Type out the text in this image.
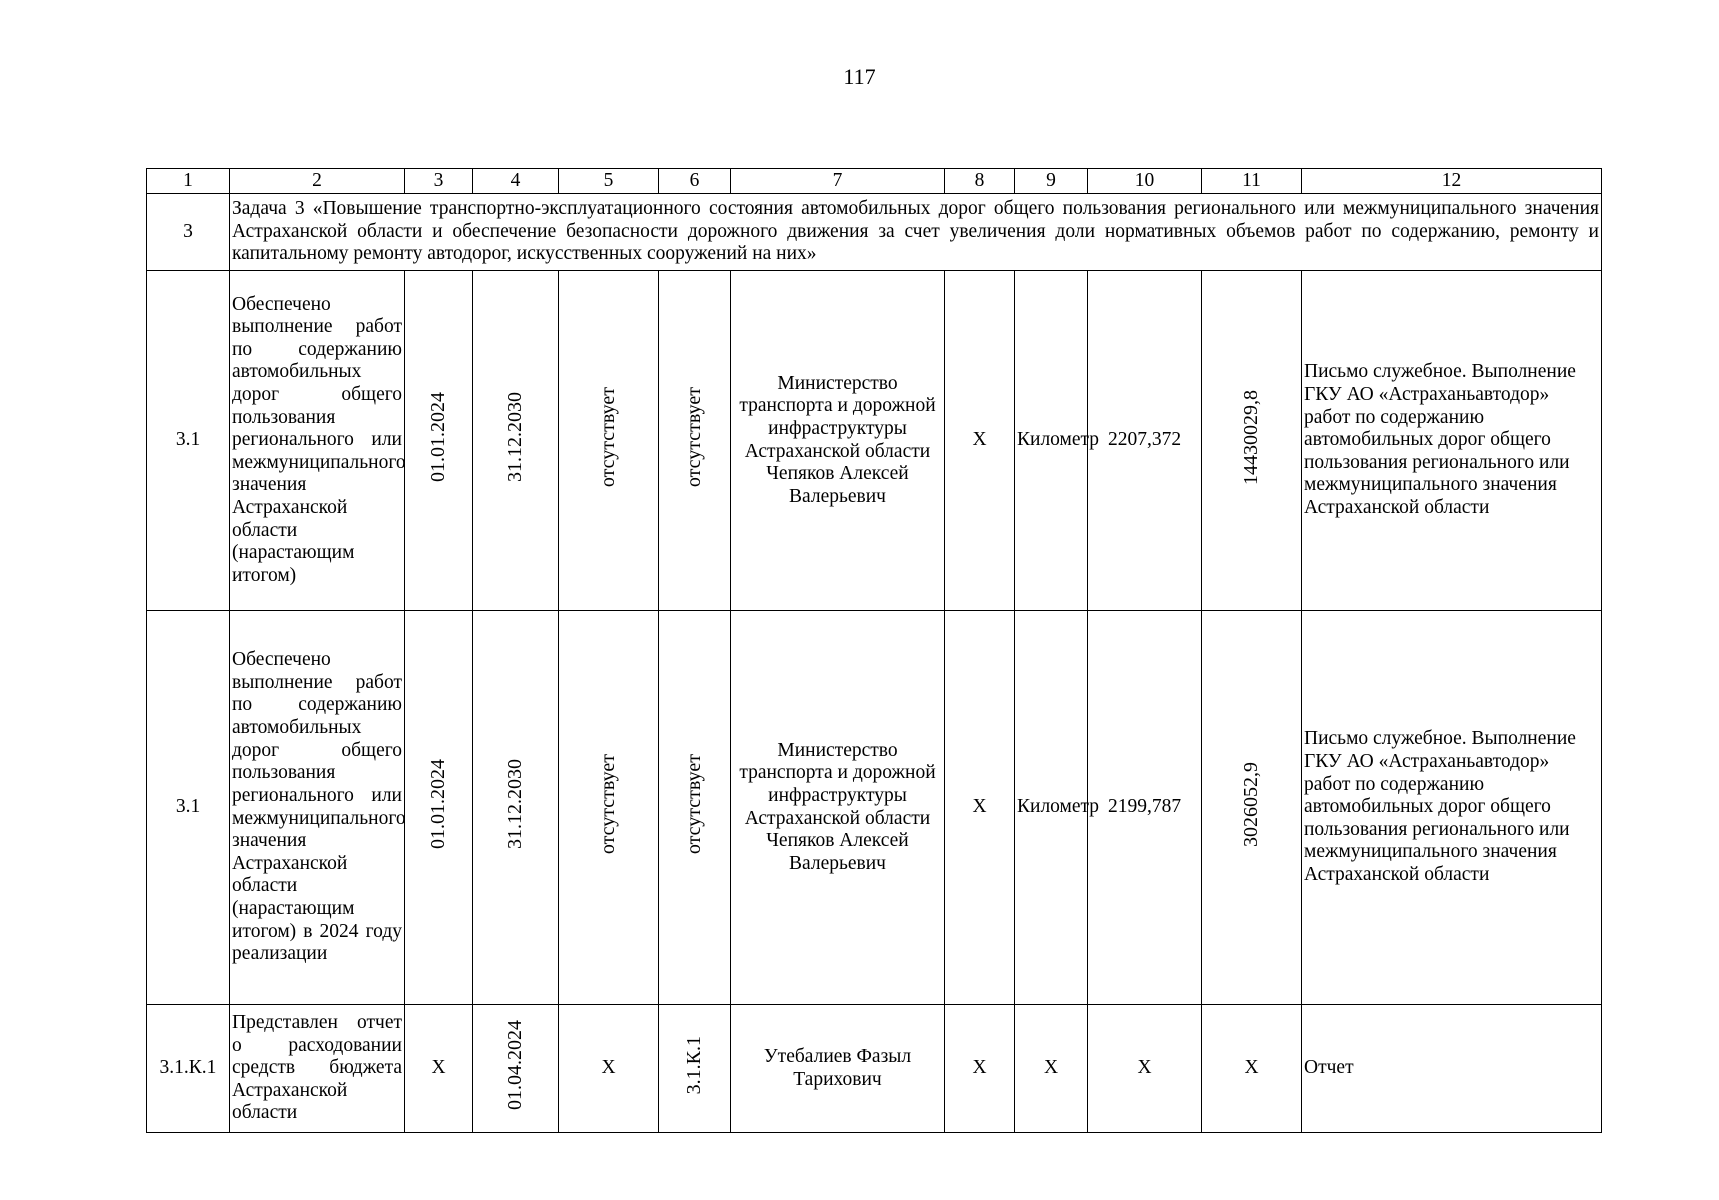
117
1	2	3	4	5	6	7	8	9	10	11	12
3	Задача 3 «Повышение транспортно-эксплуатационного состояния автомобильных дорог общего пользования регионального или межмуниципального значения Астраханской области и обеспечение безопасности дорожного движения за счет увеличения доли нормативных объемов работ по содержанию, ремонту и капитальному ремонту автодорог, искусственных сооружений на них»										
3.1	Обеспечено выполнение работ по содержанию автомобильных дорог общего пользования регионального или межмуниципального значения Астраханской области (нарастающим итогом)	01.01.2024	31.12.2030	отсутствует	отсутствует	Министерство транспорта и дорожной инфраструктуры Астраханской области Чепяков Алексей Валерьевич	Х	Километр	2207,372	14430029,8	Письмо служебное. Выполнение ГКУ АО «Астраханьавтодор» работ по содержанию автомобильных дорог общего пользования регионального или межмуниципального значения Астраханской области
3.1	Обеспечено выполнение работ по содержанию автомобильных дорог общего пользования регионального или межмуниципального значения Астраханской области (нарастающим итогом) в 2024 году реализации	01.01.2024	31.12.2030	отсутствует	отсутствует	Министерство транспорта и дорожной инфраструктуры Астраханской области Чепяков Алексей Валерьевич	Х	Километр	2199,787	3026052,9	Письмо служебное. Выполнение ГКУ АО «Астраханьавтодор» работ по содержанию автомобильных дорог общего пользования регионального или межмуниципального значения Астраханской области
3.1.К.1	Представлен отчет о расходовании средств бюджета Астраханской области	Х	01.04.2024	Х	3.1.К.1	Утебалиев Фазыл Тарихович	Х	Х	Х	Х	Отчет
